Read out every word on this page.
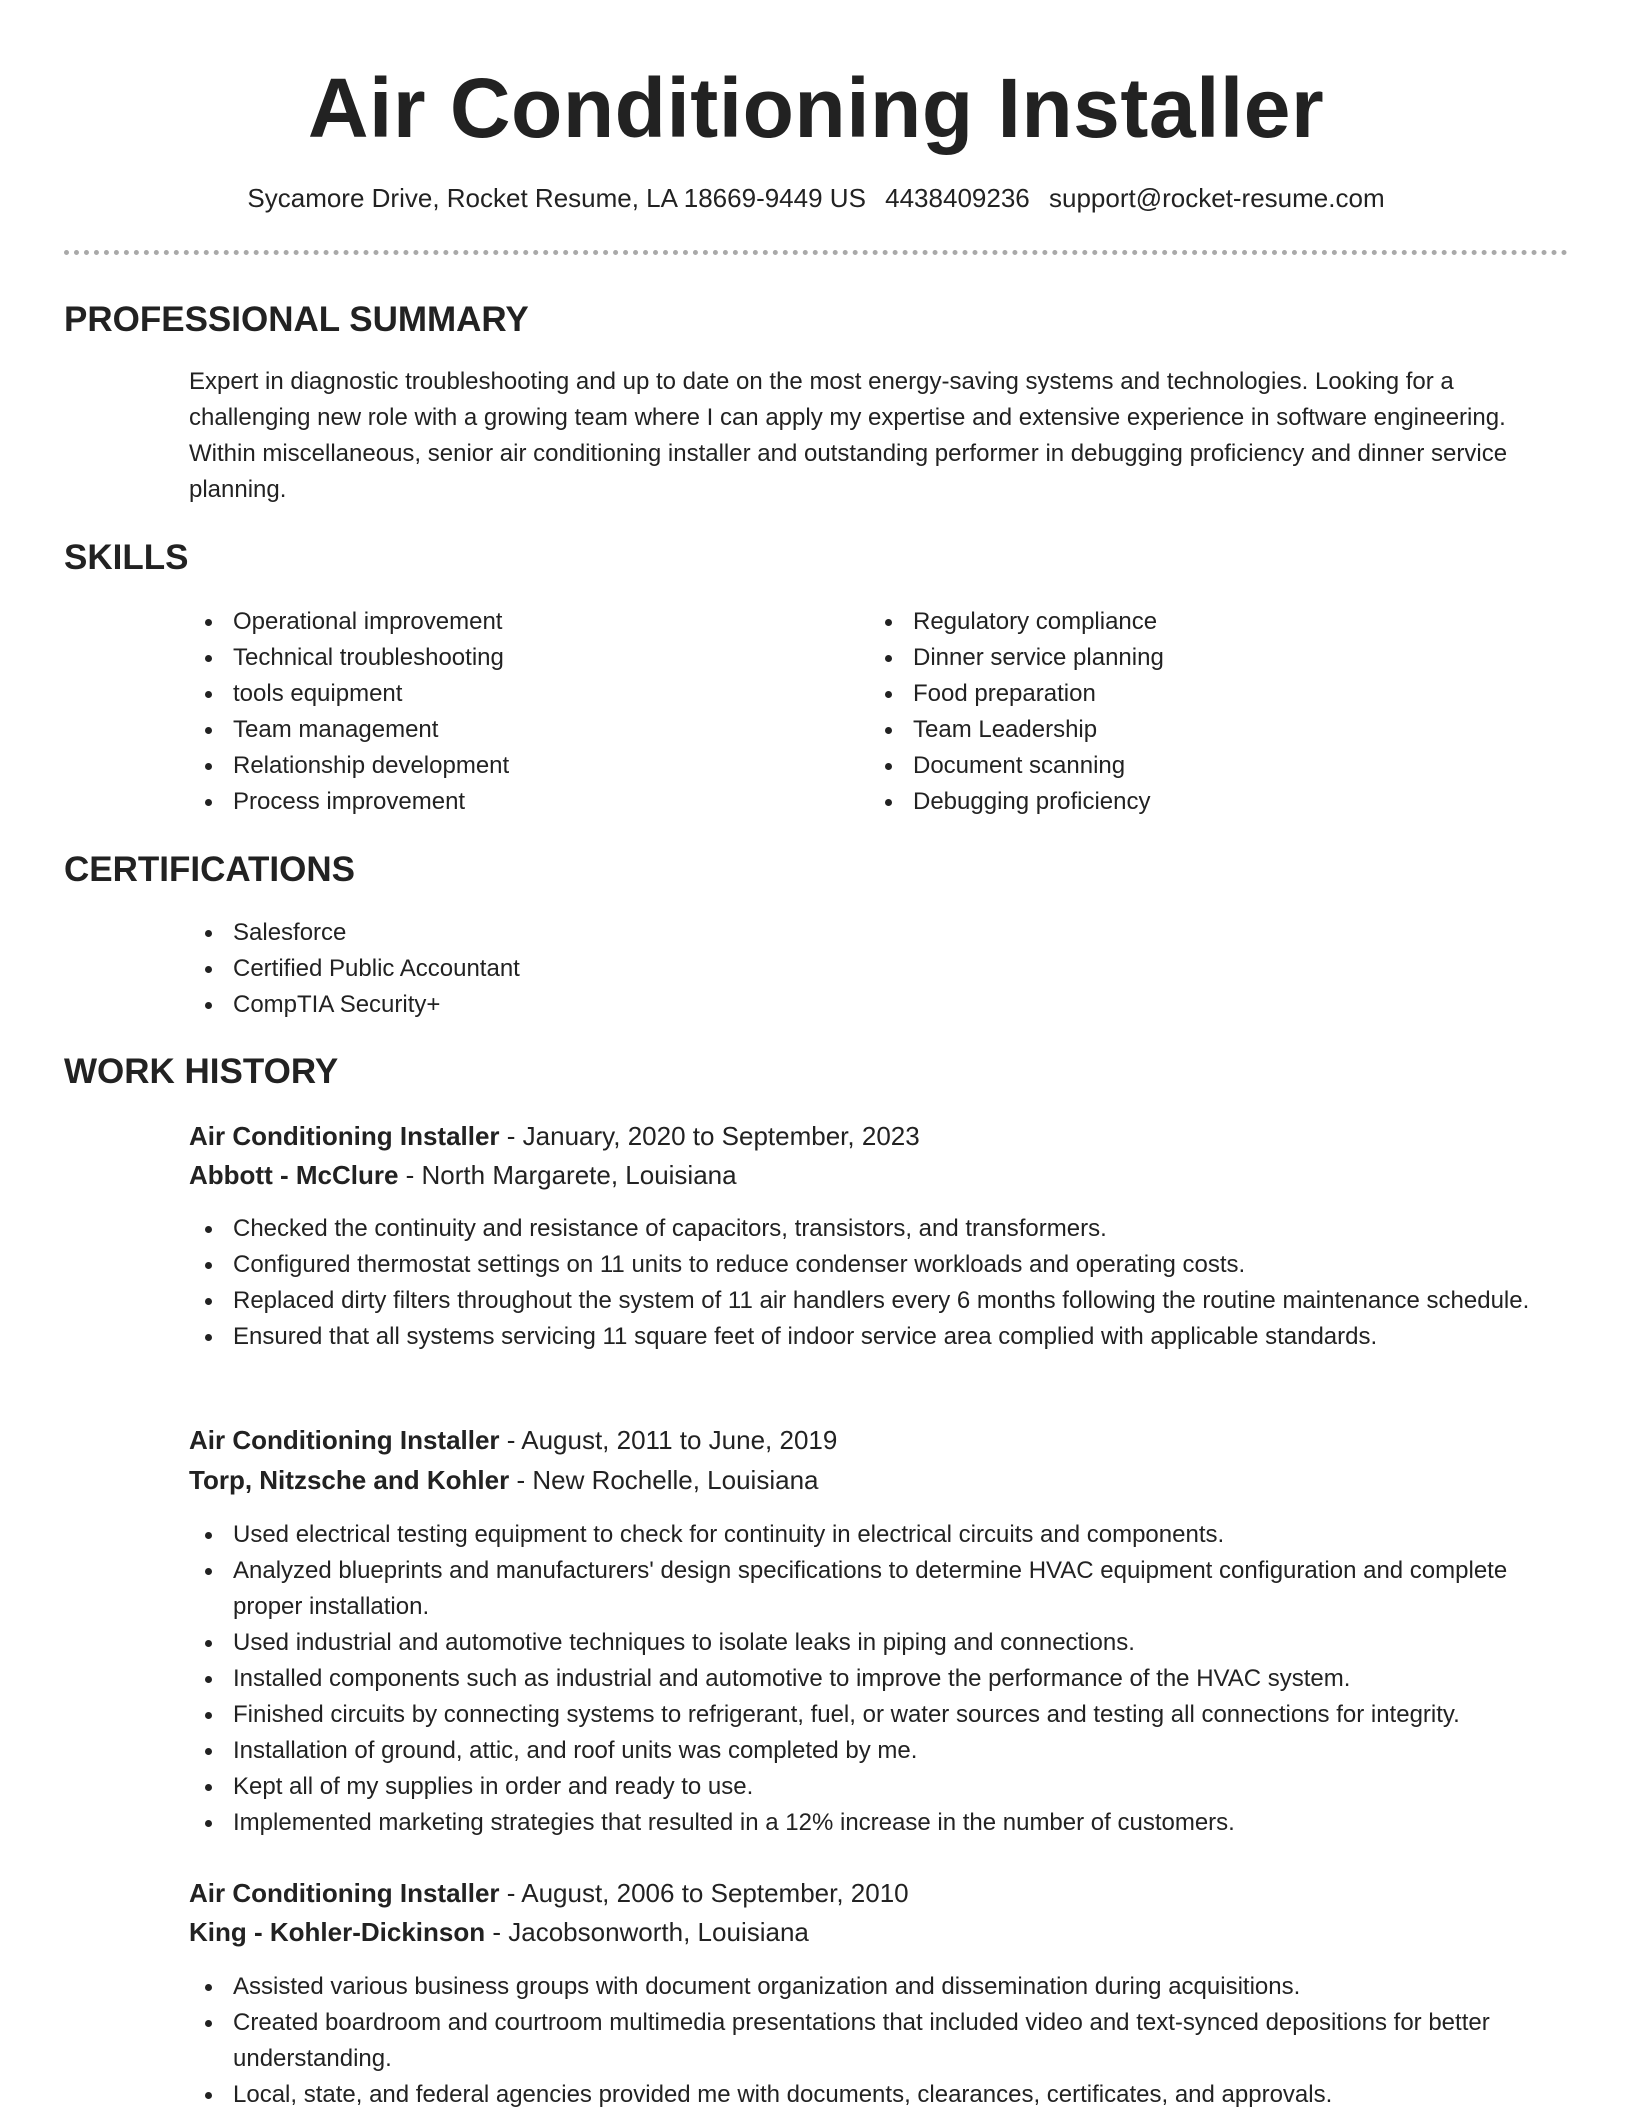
Air Conditioning Installer
Sycamore Drive, Rocket Resume, LA 18669-9449 US 4438409236 support@rocket-resume.com
PROFESSIONAL SUMMARY

Expert in diagnostic troubleshooting and up to date on the most energy-saving systems and technologies. Looking for a challenging new role with a growing team where I can apply my expertise and extensive experience in software engineering. Within miscellaneous, senior air conditioning installer and outstanding performer in debugging proficiency and dinner service planning.

SKILLS
Operational improvement
Technical troubleshooting
tools equipment
Team management
Relationship development
Process improvement
Regulatory compliance
Dinner service planning
Food preparation
Team Leadership
Document scanning
Debugging proficiency
CERTIFICATIONS
Salesforce
Certified Public Accountant
CompTIA Security+
WORK HISTORY
Air Conditioning Installer - January, 2020 to September, 2023
Abbott - McClure - North Margarete, Louisiana
Checked the continuity and resistance of capacitors, transistors, and transformers.
Configured thermostat settings on 11 units to reduce condenser workloads and operating costs.
Replaced dirty filters throughout the system of 11 air handlers every 6 months following the routine maintenance schedule.
Ensured that all systems servicing 11 square feet of indoor service area complied with applicable standards.
Air Conditioning Installer - August, 2011 to June, 2019
Torp, Nitzsche and Kohler - New Rochelle, Louisiana
Used electrical testing equipment to check for continuity in electrical circuits and components.
Analyzed blueprints and manufacturers' design specifications to determine HVAC equipment configuration and complete proper installation.
Used industrial and automotive techniques to isolate leaks in piping and connections.
Installed components such as industrial and automotive to improve the performance of the HVAC system.
Finished circuits by connecting systems to refrigerant, fuel, or water sources and testing all connections for integrity.
Installation of ground, attic, and roof units was completed by me.
Kept all of my supplies in order and ready to use.
Implemented marketing strategies that resulted in a 12% increase in the number of customers.
Air Conditioning Installer - August, 2006 to September, 2010
King - Kohler-Dickinson - Jacobsonworth, Louisiana
Assisted various business groups with document organization and dissemination during acquisitions.
Created boardroom and courtroom multimedia presentations that included video and text-synced depositions for better understanding.
Local, state, and federal agencies provided me with documents, clearances, certificates, and approvals.
